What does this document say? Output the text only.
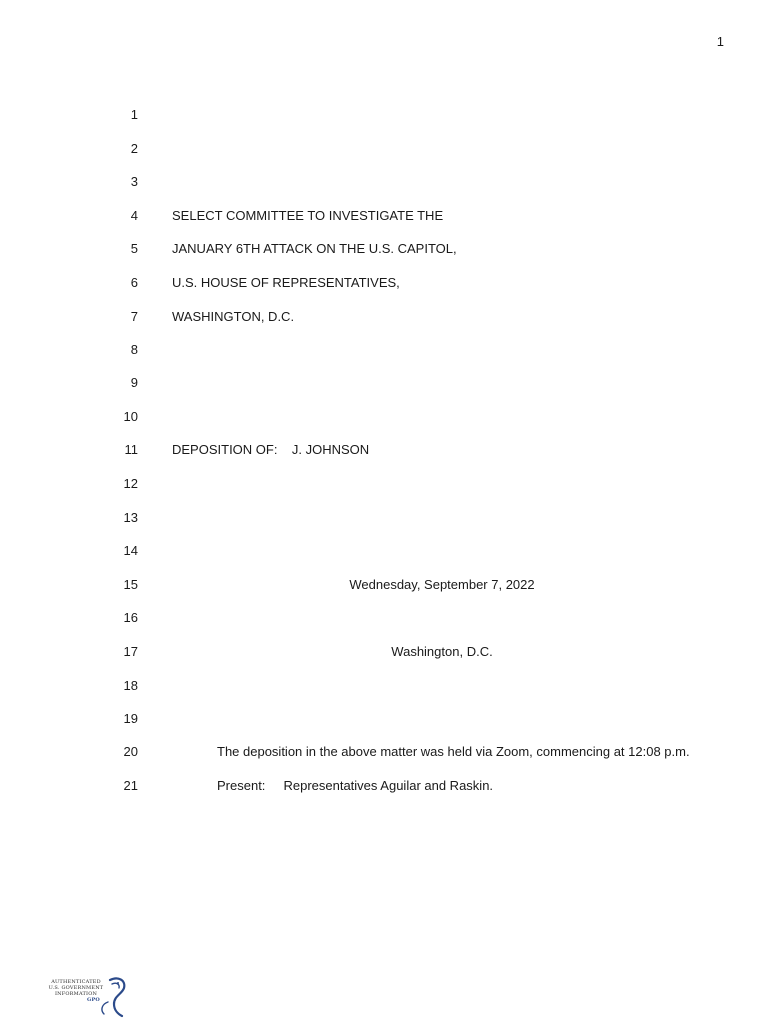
1
1
2
3
4	SELECT COMMITTEE TO INVESTIGATE THE
5	JANUARY 6TH ATTACK ON THE U.S. CAPITOL,
6	U.S. HOUSE OF REPRESENTATIVES,
7	WASHINGTON, D.C.
8
9
10
11	DEPOSITION OF:    J. JOHNSON
12
13
14
15	Wednesday, September 7, 2022
16
17	Washington, D.C.
18
19
20	The deposition in the above matter was held via Zoom, commencing at 12:08 p.m.
21	Present:     Representatives Aguilar and Raskin.
AUTHENTICATED
U.S. GOVERNMENT
INFORMATION
GPO
